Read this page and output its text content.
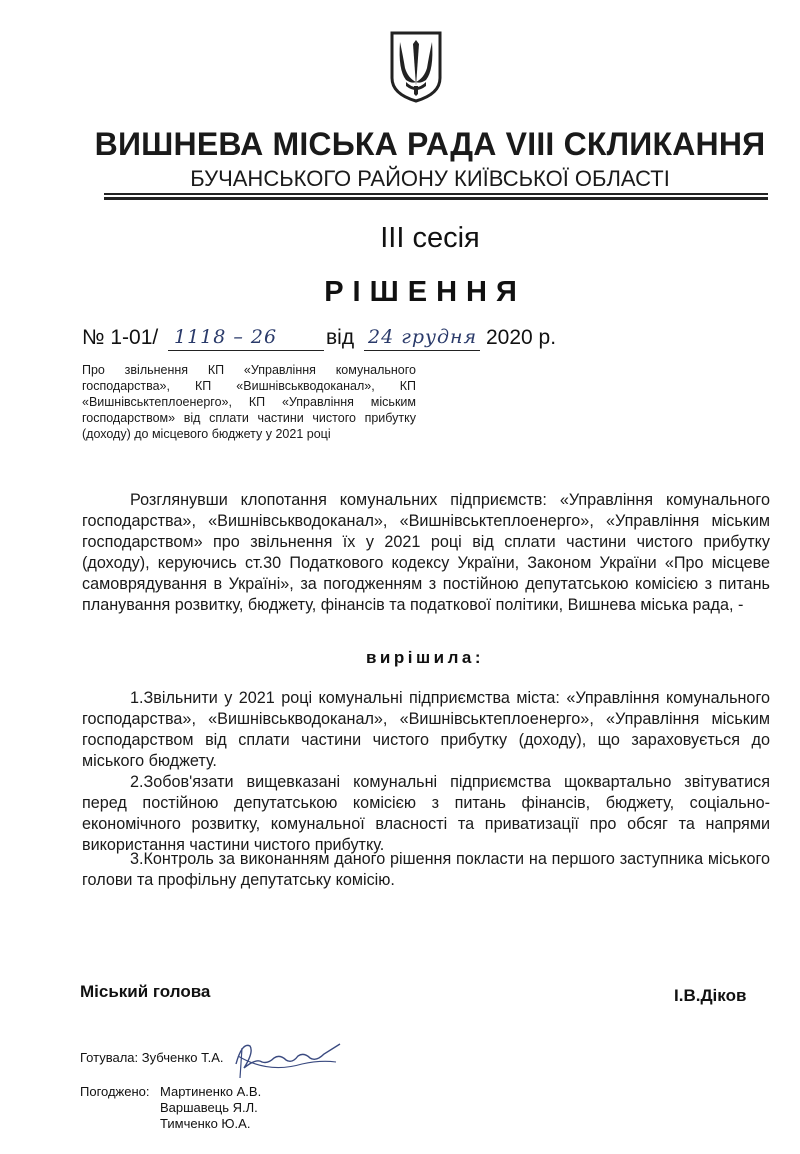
ВИШНЕВА МІСЬКА РАДА VIII СКЛИКАННЯ
БУЧАНСЬКОГО РАЙОНУ КИЇВСЬКОЇ ОБЛАСТІ
ІІІ сесія
РІШЕННЯ
№ 1-01/ 1118 – 26	від 24 грудня 2020 р.
Про звільнення КП «Управління комунального господарства», КП «Вишнівськводоканал», КП «Вишнівськтеплоенерго», КП «Управління міським господарством» від сплати частини чистого прибутку (доходу) до місцевого бюджету у 2021 році
Розглянувши клопотання комунальних підприємств: «Управління комунального господарства», «Вишнівськводоканал», «Вишнівськтеплоенерго», «Управління міським господарством» про звільнення їх у 2021 році від сплати частини чистого прибутку (доходу), керуючись ст.30 Податкового кодексу України, Законом України «Про місцеве самоврядування в Україні», за погодженням з постійною депутатською комісією з питань планування розвитку, бюджету, фінансів та податкової політики, Вишнева міська рада, -
вирішила:
1.Звільнити у 2021 році комунальні підприємства міста: «Управління комунального господарства», «Вишнівськводоканал», «Вишнівськтеплоенерго», «Управління міським господарством від сплати частини чистого прибутку (доходу), що зараховується до міського бюджету.
2.Зобов'язати вищевказані комунальні підприємства щоквартально звітуватися перед постійною депутатською комісією з питань фінансів, бюджету, соціально-економічного розвитку, комунальної власності та приватизації про обсяг та напрями використання частини чистого прибутку.
3.Контроль за виконанням даного рішення покласти на першого заступника міського голови та профільну депутатську комісію.
Міський голова	І.В.Діков
Готувала: Зубченко Т.А.
Погоджено: Мартиненко А.В.
Варшавець Я.Л.
Тимченко Ю.А.
